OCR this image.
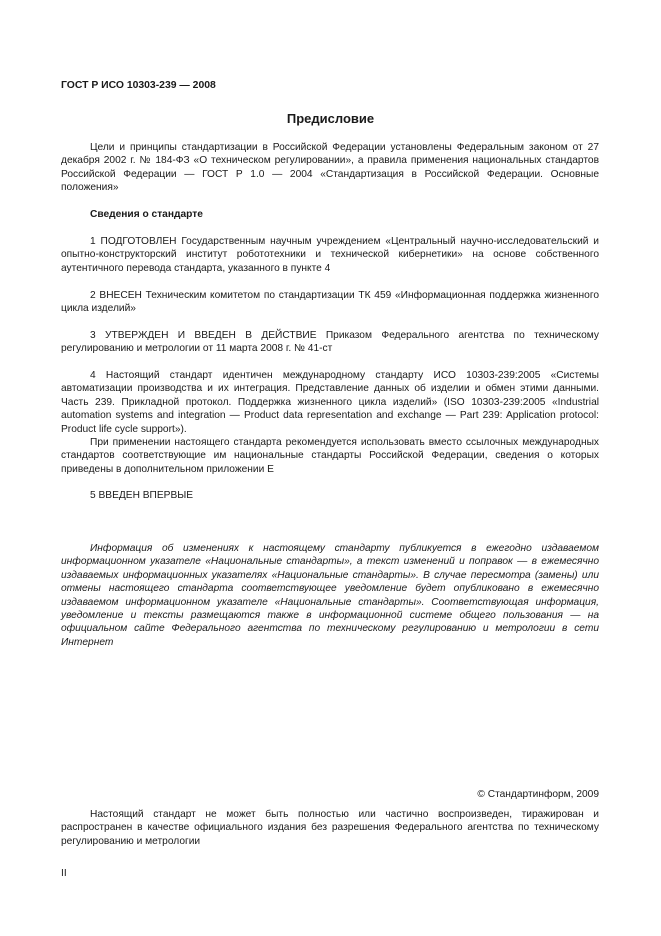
ГОСТ Р ИСО 10303-239 — 2008
Предисловие
Цели и принципы стандартизации в Российской Федерации установлены Федеральным законом от 27 декабря 2002 г. № 184-ФЗ «О техническом регулировании», а правила применения национальных стандартов Российской Федерации — ГОСТ Р 1.0 — 2004 «Стандартизация в Российской Федерации. Основные положения»
Сведения о стандарте
1 ПОДГОТОВЛЕН Государственным научным учреждением «Центральный научно-исследовательский и опытно-конструкторский институт робототехники и технической кибернетики» на основе собственного аутентичного перевода стандарта, указанного в пункте 4
2 ВНЕСЕН Техническим комитетом по стандартизации ТК 459 «Информационная поддержка жизненного цикла изделий»
3 УТВЕРЖДЕН И ВВЕДЕН В ДЕЙСТВИЕ Приказом Федерального агентства по техническому регулированию и метрологии от 11 марта 2008 г. № 41-ст
4 Настоящий стандарт идентичен международному стандарту ИСО 10303-239:2005 «Системы автоматизации производства и их интеграция. Представление данных об изделии и обмен этими данными. Часть 239. Прикладной протокол. Поддержка жизненного цикла изделий» (ISO 10303-239:2005 «Industrial automation systems and integration — Product data representation and exchange — Part 239: Application protocol: Product life cycle support»).
При применении настоящего стандарта рекомендуется использовать вместо ссылочных международных стандартов соответствующие им национальные стандарты Российской Федерации, сведения о которых приведены в дополнительном приложении Е
5 ВВЕДЕН ВПЕРВЫЕ
Информация об изменениях к настоящему стандарту публикуется в ежегодно издаваемом информационном указателе «Национальные стандарты», а текст изменений и поправок — в ежемесячно издаваемых информационных указателях «Национальные стандарты». В случае пересмотра (замены) или отмены настоящего стандарта соответствующее уведомление будет опубликовано в ежемесячно издаваемом информационном указателе «Национальные стандарты». Соответствующая информация, уведомление и тексты размещаются также в информационной системе общего пользования — на официальном сайте Федерального агентства по техническому регулированию и метрологии в сети Интернет
© Стандартинформ, 2009
Настоящий стандарт не может быть полностью или частично воспроизведен, тиражирован и распространен в качестве официального издания без разрешения Федерального агентства по техническому регулированию и метрологии
II
